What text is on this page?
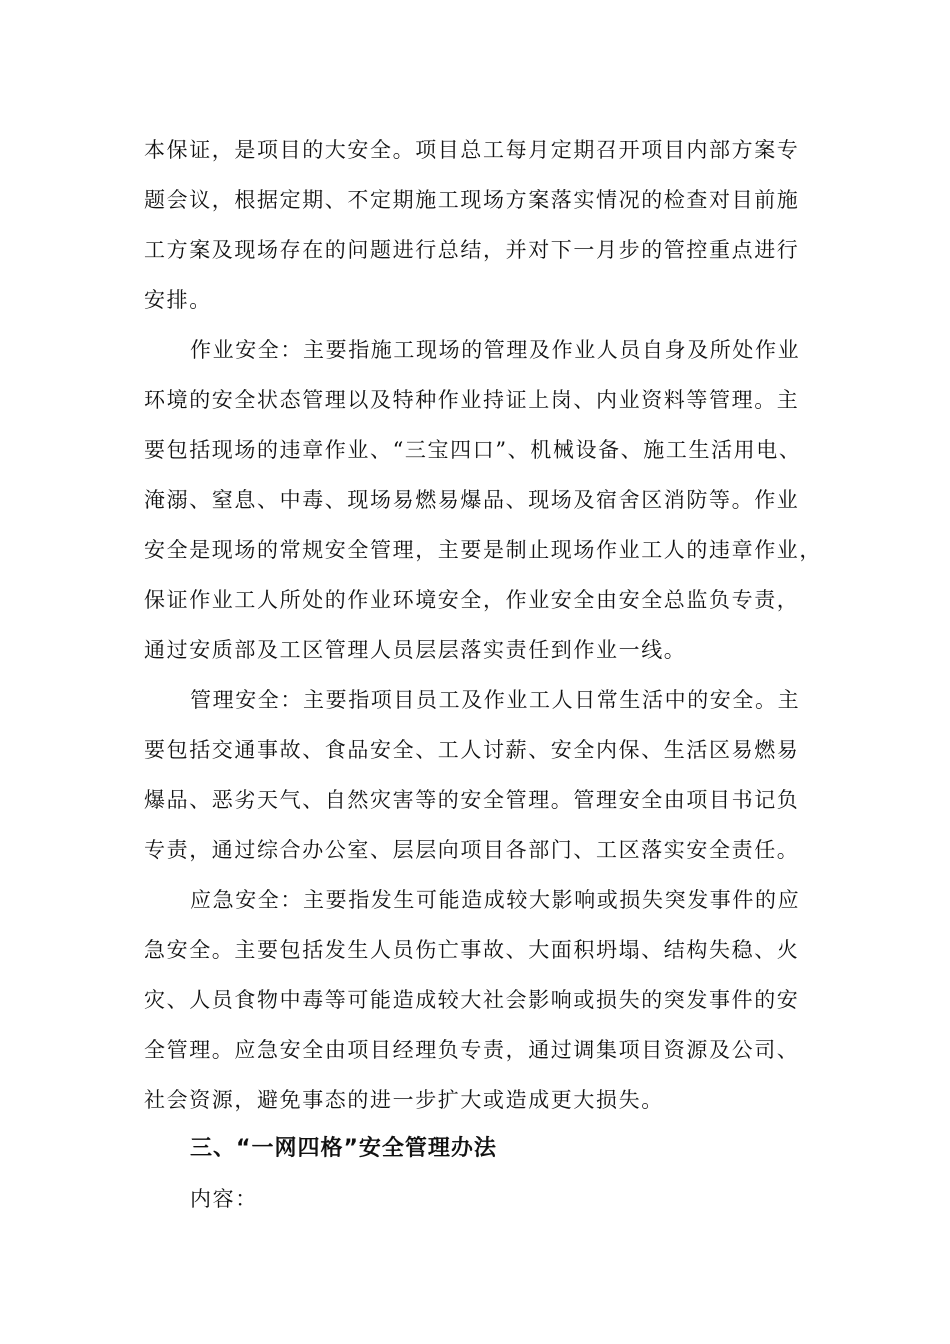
本保证，是项目的大安全。项目总工每月定期召开项目内部方案专
题会议，根据定期、不定期施工现场方案落实情况的检查对目前施
工方案及现场存在的问题进行总结，并对下一月步的管控重点进行
安排。
作业安全：主要指施工现场的管理及作业人员自身及所处作业
环境的安全状态管理以及特种作业持证上岗、内业资料等管理。主
要包括现场的违章作业、“三宝四口”、机械设备、施工生活用电、
淹溺、窒息、中毒、现场易燃易爆品、现场及宿舍区消防等。作业
安全是现场的常规安全管理，主要是制止现场作业工人的违章作业，
保证作业工人所处的作业环境安全，作业安全由安全总监负专责，
通过安质部及工区管理人员层层落实责任到作业一线。
管理安全：主要指项目员工及作业工人日常生活中的安全。主
要包括交通事故、食品安全、工人讨薪、安全内保、生活区易燃易
爆品、恶劣天气、自然灾害等的安全管理。管理安全由项目书记负
专责，通过综合办公室、层层向项目各部门、工区落实安全责任。
应急安全：主要指发生可能造成较大影响或损失突发事件的应
急安全。主要包括发生人员伤亡事故、大面积坍塌、结构失稳、火
灾、人员食物中毒等可能造成较大社会影响或损失的突发事件的安
全管理。应急安全由项目经理负专责，通过调集项目资源及公司、
社会资源，避免事态的进一步扩大或造成更大损失。
三、“一网四格”安全管理办法
内容：
